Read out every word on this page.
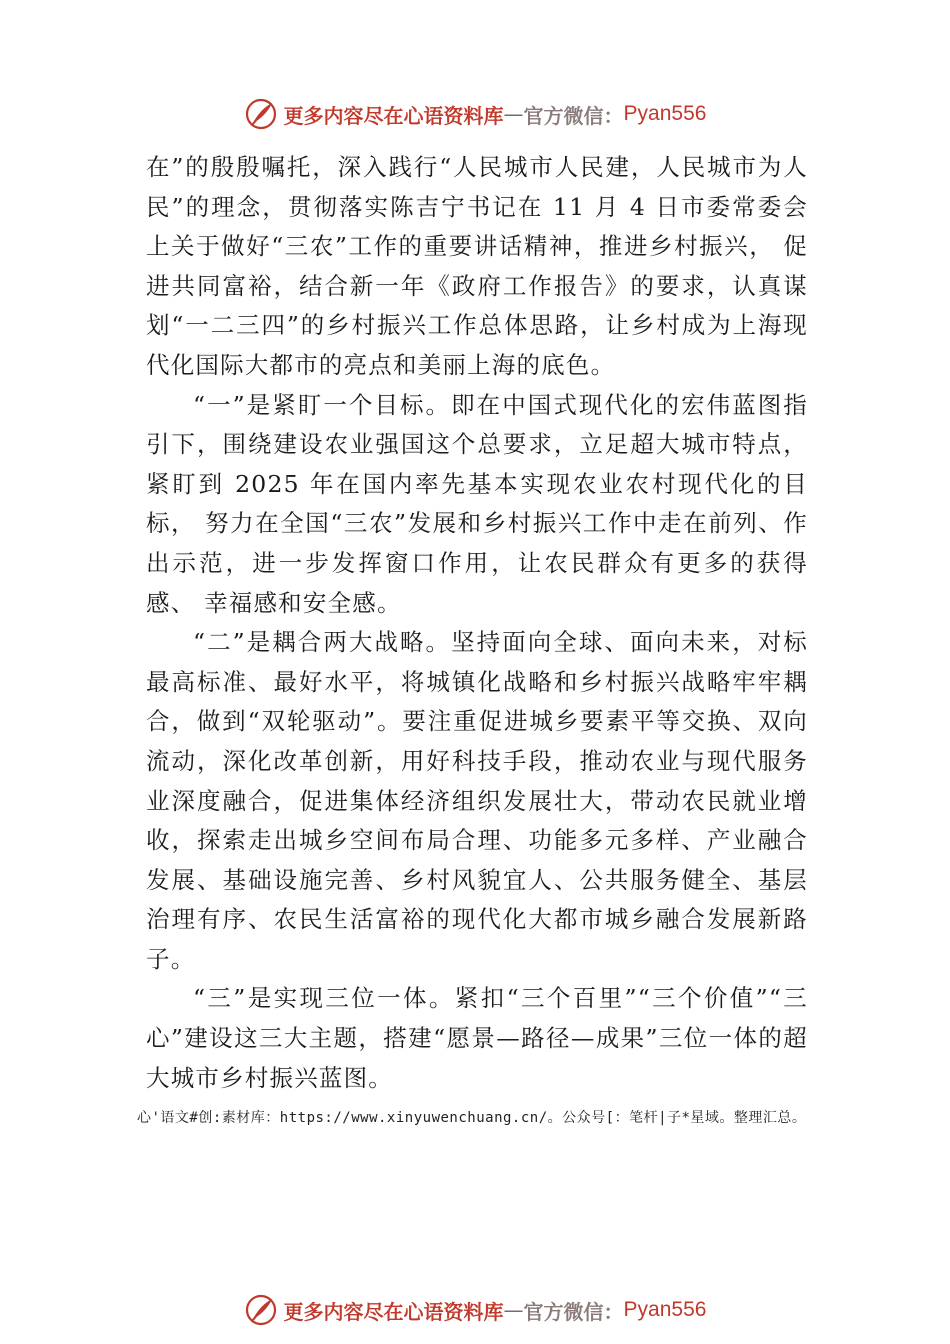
更多内容尽在心语资料库 — 官方微信： Pyan556

在”的殷殷嘱托，深入践行“人民城市人民建，人民城市为人民”的理念，贯彻落实陈吉宁书记在 11 月 4 日市委常委会上关于做好“三农”工作的重要讲话精神，推进乡村振兴， 促进共同富裕，结合新一年《政府工作报告》的要求，认真谋划“一二三四”的乡村振兴工作总体思路，让乡村成为上海现代化国际大都市的亮点和美丽上海的底色。

“一”是紧盯一个目标。即在中国式现代化的宏伟蓝图指引下，围绕建设农业强国这个总要求，立足超大城市特点，紧盯到 2025 年在国内率先基本实现农业农村现代化的目标， 努力在全国“三农”发展和乡村振兴工作中走在前列、作出示范，进一步发挥窗口作用，让农民群众有更多的获得感、 幸福感和安全感。

“二”是耦合两大战略。坚持面向全球、面向未来，对标最高标准、最好水平，将城镇化战略和乡村振兴战略牢牢耦合，做到“双轮驱动”。要注重促进城乡要素平等交换、双向流动，深化改革创新，用好科技手段，推动农业与现代服务业深度融合，促进集体经济组织发展壮大，带动农民就业增收，探索走出城乡空间布局合理、功能多元多样、产业融合发展、基础设施完善、乡村风貌宜人、公共服务健全、基层治理有序、农民生活富裕的现代化大都市城乡融合发展新路子。

“三”是实现三位一体。紧扣“三个百里”“三个价值”“三⼼”建设这三大主题，搭建“愿景—路径—成果”三位一体的超大城市乡村振兴蓝图。

心'语文#创:素材库：https://www.xinyuwenchuang.cn/。公众号[：笔杆|子*星域。整理汇总。
更多内容尽在心语资料库 — 官方微信： Pyan556
